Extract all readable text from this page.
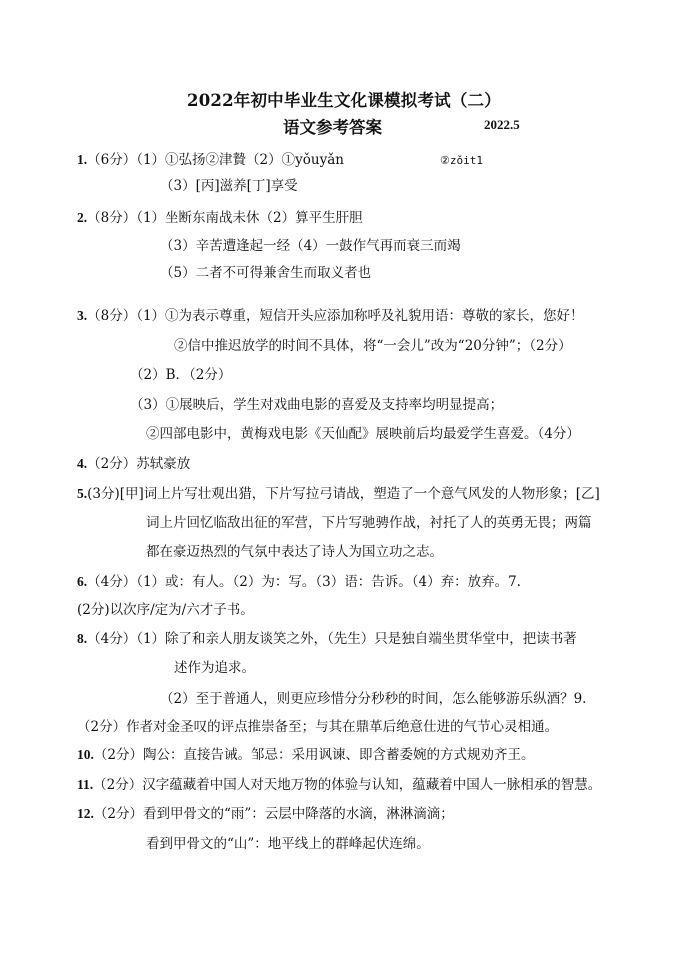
2022年初中毕业生文化课模拟考试（二）
语文参考答案	2022.5
1.（6分）（1）①弘扬②津贄（2）①yǒuyǎn	②zǒit1
（3）[丙]滋养[丁]享受
2.（8分）（1）坐断东南战未休（2）算平生肝胆
（3）辛苦遭逢起一经（4）一鼓作气再而衰三而竭
（5）二者不可得兼舍生而取义者也
3.（8分）（1）①为表示尊重，短信开头应添加称呼及礼貌用语：尊敬的家长，您好！
②信中推迟放学的时间不具体，将“一会儿”改为“20分钟”；（2分）
（2）B．（2分）
（3）①展映后，学生对戏曲电影的喜爱及支持率均明显提高；
②四部电影中，黄梅戏电影《天仙配》展映前后均最爱学生喜爱。（4分）
4.（2分）苏轼豪放
5.(3分)[甲]词上片写壮观出猎，下片写拉弓请战，塑造了一个意气风发的人物形象；[乙]
词上片回忆临敌出征的军营，下片写驰骋作战，衬托了人的英勇无畏；两篇
都在豪迈热烈的气氛中表达了诗人为国立功之志。
6.（4分）（1）或：有人。（2）为：写。（3）语：告诉。（4）弃：放弃。7.
(2分)以次序/定为/六才子书。
8.（4分）（1）除了和亲人朋友谈笑之外，（先生）只是独自端坐贯华堂中，把读书著
述作为追求。
（2）至于普通人，则更应珍惜分分秒秒的时间，怎么能够游乐纵酒？9.
（2分）作者对金圣叹的评点推崇备至；与其在鼎革后绝意仕进的气节心灵相通。
10.（2分）陶公：直接告诫。邹忌：采用讽谏、即含蓄委婉的方式规劝齐王。
11.（2分）汉字蕴藏着中国人对天地万物的体验与认知，蕴藏着中国人一脉相承的智慧。
12.（2分）看到甲骨文的“雨”：云层中降落的水滴，淋淋滴滴；
看到甲骨文的“山”：地平线上的群峰起伏连绵。
